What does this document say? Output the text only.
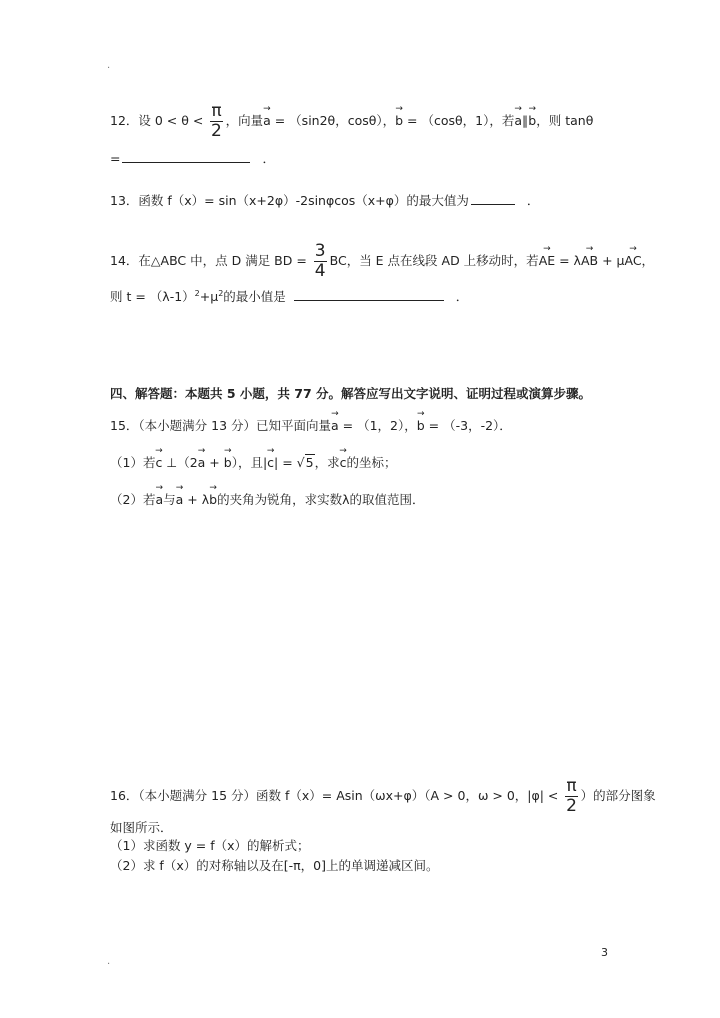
.
12．设 $0 < \theta < \frac{\pi}{2}$ ，向量→ a = （sin2θ，cosθ），→ b = （cosθ，1），若→ a∥→ b，则 tanθ
=	．
13．函数 f（x）= sin（x+2φ）-2sinφcos（x+φ）的最大值为	．
14．在△ABC 中，点 D 满足 BD = $\frac{3}{4}$ BC，当 E 点在线段 AD 上移动时，若→ AE = λ→ AB + μ→ AC，
则 $t = (\lambda-1)^2+\mu^2$的最小值是	．
四、解答题：本题共 5 小题，共 77 分。解答应写出文字说明、证明过程或演算步骤。
15．（本小题满分 13 分）已知平面向量→ a = （1，2），→ b = （-3，-2）．
（1）若→ c ⊥（2→ a + → b），且|→ c| = √5，求→ c的坐标；
（2）若→ a与→ a + λ→ b的夹角为锐角，求实数λ的取值范围．
16．（本小题满分 15 分）函数 f（x）= Asin（ωx+φ）（A > 0，ω > 0，$|\varphi| < \frac{\pi}{2}$ ）的部分图象
如图所示．
（1）求函数 y = f（x）的解析式；
（2）求 f（x）的对称轴以及在[-π，0]上的单调递减区间。
3
.
